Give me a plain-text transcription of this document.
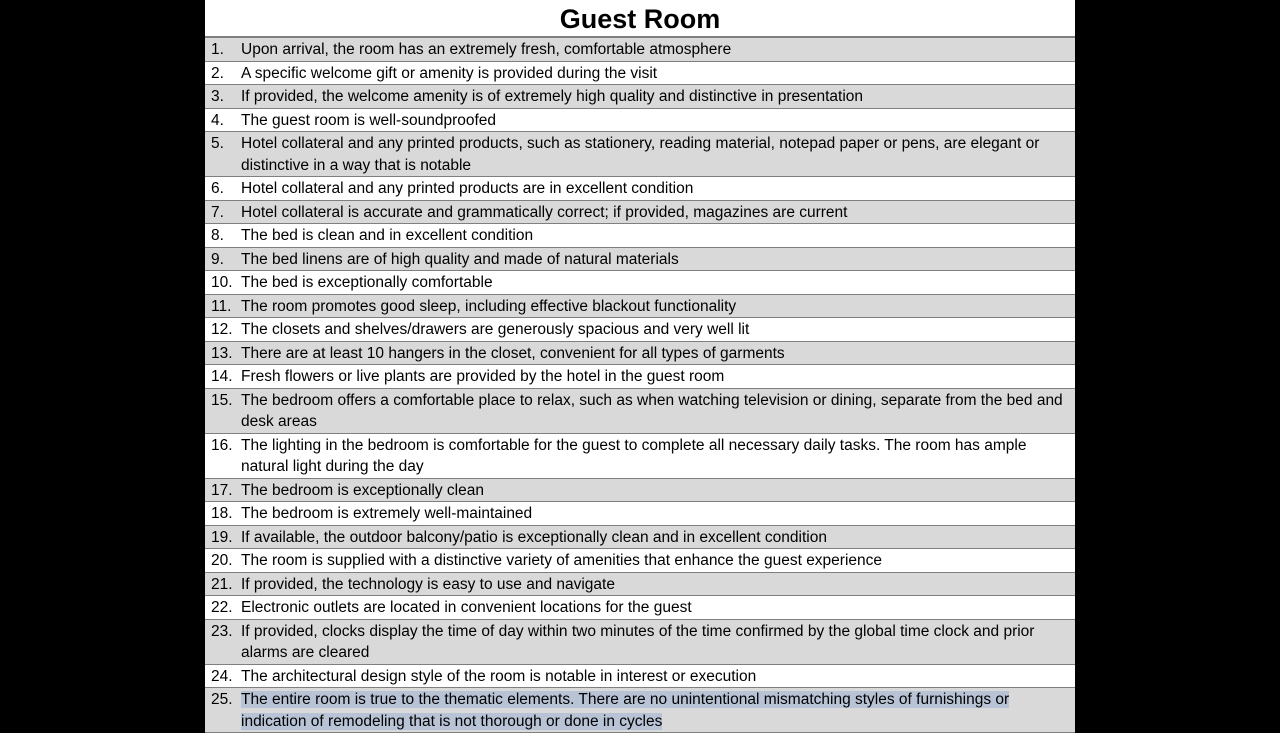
Guest Room
1.	Upon arrival, the room has an extremely fresh, comfortable atmosphere
2.	A specific welcome gift or amenity is provided during the visit
3.	If provided, the welcome amenity is of extremely high quality and distinctive in presentation
4.	The guest room is well-soundproofed
5.	Hotel collateral and any printed products, such as stationery, reading material, notepad paper or pens, are elegant or distinctive in a way that is notable
6.	Hotel collateral and any printed products are in excellent condition
7.	Hotel collateral is accurate and grammatically correct; if provided, magazines are current
8.	The bed is clean and in excellent condition
9.	The bed linens are of high quality and made of natural materials
10. The bed is exceptionally comfortable
11. The room promotes good sleep, including effective blackout functionality
12. The closets and shelves/drawers are generously spacious and very well lit
13. There are at least 10 hangers in the closet, convenient for all types of garments
14. Fresh flowers or live plants are provided by the hotel in the guest room
15. The bedroom offers a comfortable place to relax, such as when watching television or dining, separate from the bed and desk areas
16. The lighting in the bedroom is comfortable for the guest to complete all necessary daily tasks. The room has ample natural light during the day
17. The bedroom is exceptionally clean
18. The bedroom is extremely well-maintained
19. If available, the outdoor balcony/patio is exceptionally clean and in excellent condition
20. The room is supplied with a distinctive variety of amenities that enhance the guest experience
21. If provided, the technology is easy to use and navigate
22. Electronic outlets are located in convenient locations for the guest
23. If provided, clocks display the time of day within two minutes of the time confirmed by the global time clock and prior alarms are cleared
24. The architectural design style of the room is notable in interest or execution
25. The entire room is true to the thematic elements. There are no unintentional mismatching styles of furnishings or indication of remodeling that is not thorough or done in cycles
